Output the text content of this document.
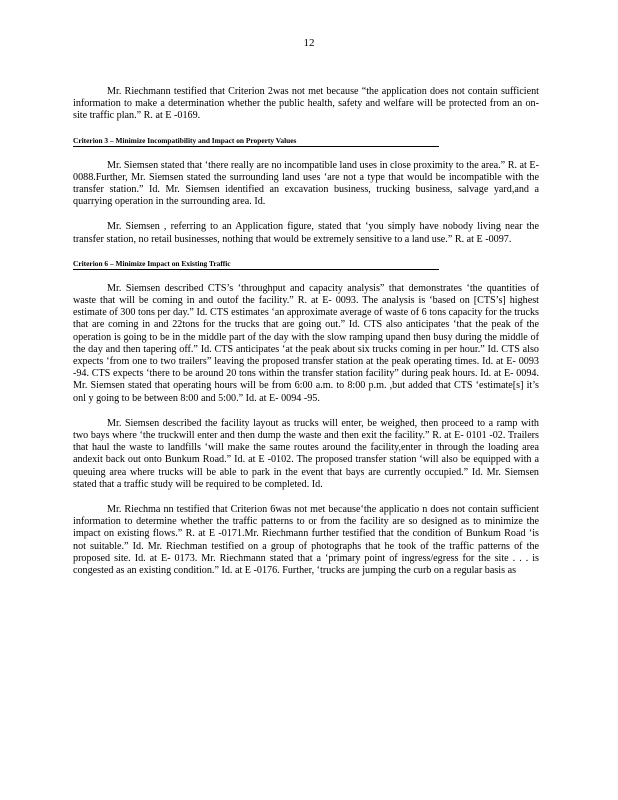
12

Mr. Riechmann testified that Criterion 2was not met because “the application does not contain sufficient information to make a determination whether the public health, safety and welfare will be protected from an on-site traffic plan.” R. at E -0169.

Criterion 3 – Minimize Incompatibility and Impact on Property Values

Mr. Siemsen stated that ‘there really are no incompatible land uses in close proximity to the area.” R. at E-0088.Further, Mr. Siemsen stated the surrounding land uses ‘are not a type that would be incompatible with the transfer station.” Id. Mr. Siemsen identified an excavation business, trucking business, salvage yard,and a quarrying operation in the surrounding area. Id.

Mr. Siemsen , referring to an Application figure, stated that ‘you simply have nobody living near the transfer station, no retail businesses, nothing that would be extremely sensitive to a land use.” R. at E -0097.

Criterion 6 – Minimize Impact on Existing Traffic

Mr. Siemsen described CTS’s ‘throughput and capacity analysis” that demonstrates ‘the quantities of waste that will be coming in and outof the facility.” R. at E- 0093. The analysis is ‘based on [CTS’s] highest estimate of 300 tons per day.” Id. CTS estimates ‘an approximate average of waste of 6 tons capacity for the trucks that are coming in and 22tons for the trucks that are going out.” Id. CTS also anticipates ‘that the peak of the operation is going to be in the middle part of the day with the slow ramping upand then busy during the middle of the day and then tapering off.” Id. CTS anticipates ‘at the peak about six trucks coming in per hour.” Id. CTS also expects ‘from one to two trailers” leaving the proposed transfer station at the peak operating times. Id. at E- 0093 -94. CTS expects ‘there to be around 20 tons within the transfer station facility” during peak hours. Id. at E- 0094. Mr. Siemsen stated that operating hours will be from 6:00 a.m. to 8:00 p.m. ,but added that CTS ‘estimate[s] it’s onl y going to be between 8:00 and 5:00.” Id. at E- 0094 -95.

Mr. Siemsen described the facility layout as trucks will enter, be weighed, then proceed to a ramp with two bays where ‘the truckwill enter and then dump the waste and then exit the facility.” R. at E- 0101 -02. Trailers that haul the waste to landfills ‘will make the same routes around the facility,enter in through the loading area andexit back out onto Bunkum Road.” Id. at E -0102. The proposed transfer station ‘will also be equipped with a queuing area where trucks will be able to park in the event that bays are currently occupied.” Id. Mr. Siemsen stated that a traffic study will be required to be completed. Id.

Mr. Riechma nn testified that Criterion 6was not met because‘the applicatio n does not contain sufficient information to determine whether the traffic patterns to or from the facility are so designed as to minimize the impact on existing flows.” R. at E -0171.Mr. Riechmann further testified that the condition of Bunkum Road ‘is not suitable.” Id. Mr. Riechman testified on a group of photographs that he took of the traffic patterns of the proposed site. Id. at E- 0173. Mr. Riechmann stated that a ‘primary point of ingress/egress for the site . . . is congested as an existing condition.” Id. at E -0176. Further, ‘trucks are jumping the curb on a regular basis as
